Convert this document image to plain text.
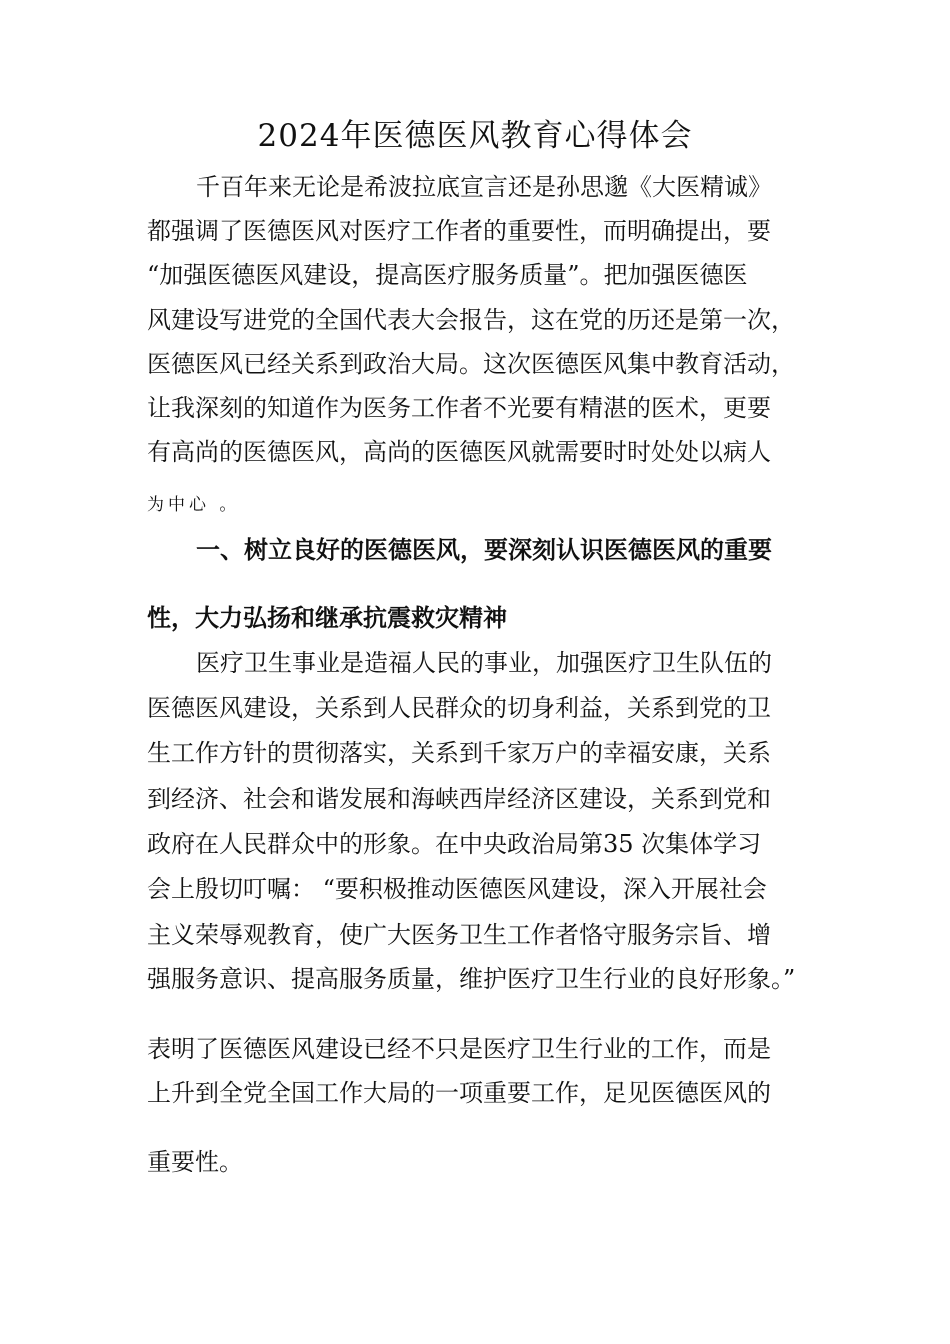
2024年医德医风教育心得体会
千百年来无论是希波拉底宣言还是孙思邈《大医精诚》
都强调了医德医风对医疗工作者的重要性，而明确提出，要
“加强医德医风建设，提高医疗服务质量”。把加强医德医
风建设写进党的全国代表大会报告，这在党的历还是第一次，
医德医风已经关系到政治大局。这次医德医风集中教育活动，
让我深刻的知道作为医务工作者不光要有精湛的医术，更要
有高尚的医德医风，高尚的医德医风就需要时时处处以病人
为中心 。
一、树立良好的医德医风，要深刻认识医德医风的重要
性，大力弘扬和继承抗震救灾精神
医疗卫生事业是造福人民的事业，加强医疗卫生队伍的
医德医风建设，关系到人民群众的切身利益，关系到党的卫
生工作方针的贯彻落实，关系到千家万户的幸福安康，关系
到经济、社会和谐发展和海峡西岸经济区建设，关系到党和
政府在人民群众中的形象。在中央政治局第35 次集体学习
会上殷切叮嘱： “要积极推动医德医风建设，深入开展社会
主义荣辱观教育，使广大医务卫生工作者恪守服务宗旨、增
强服务意识、提高服务质量，维护医疗卫生行业的良好形象。”
表明了医德医风建设已经不只是医疗卫生行业的工作，而是
上升到全党全国工作大局的一项重要工作，足见医德医风的
重要性。
